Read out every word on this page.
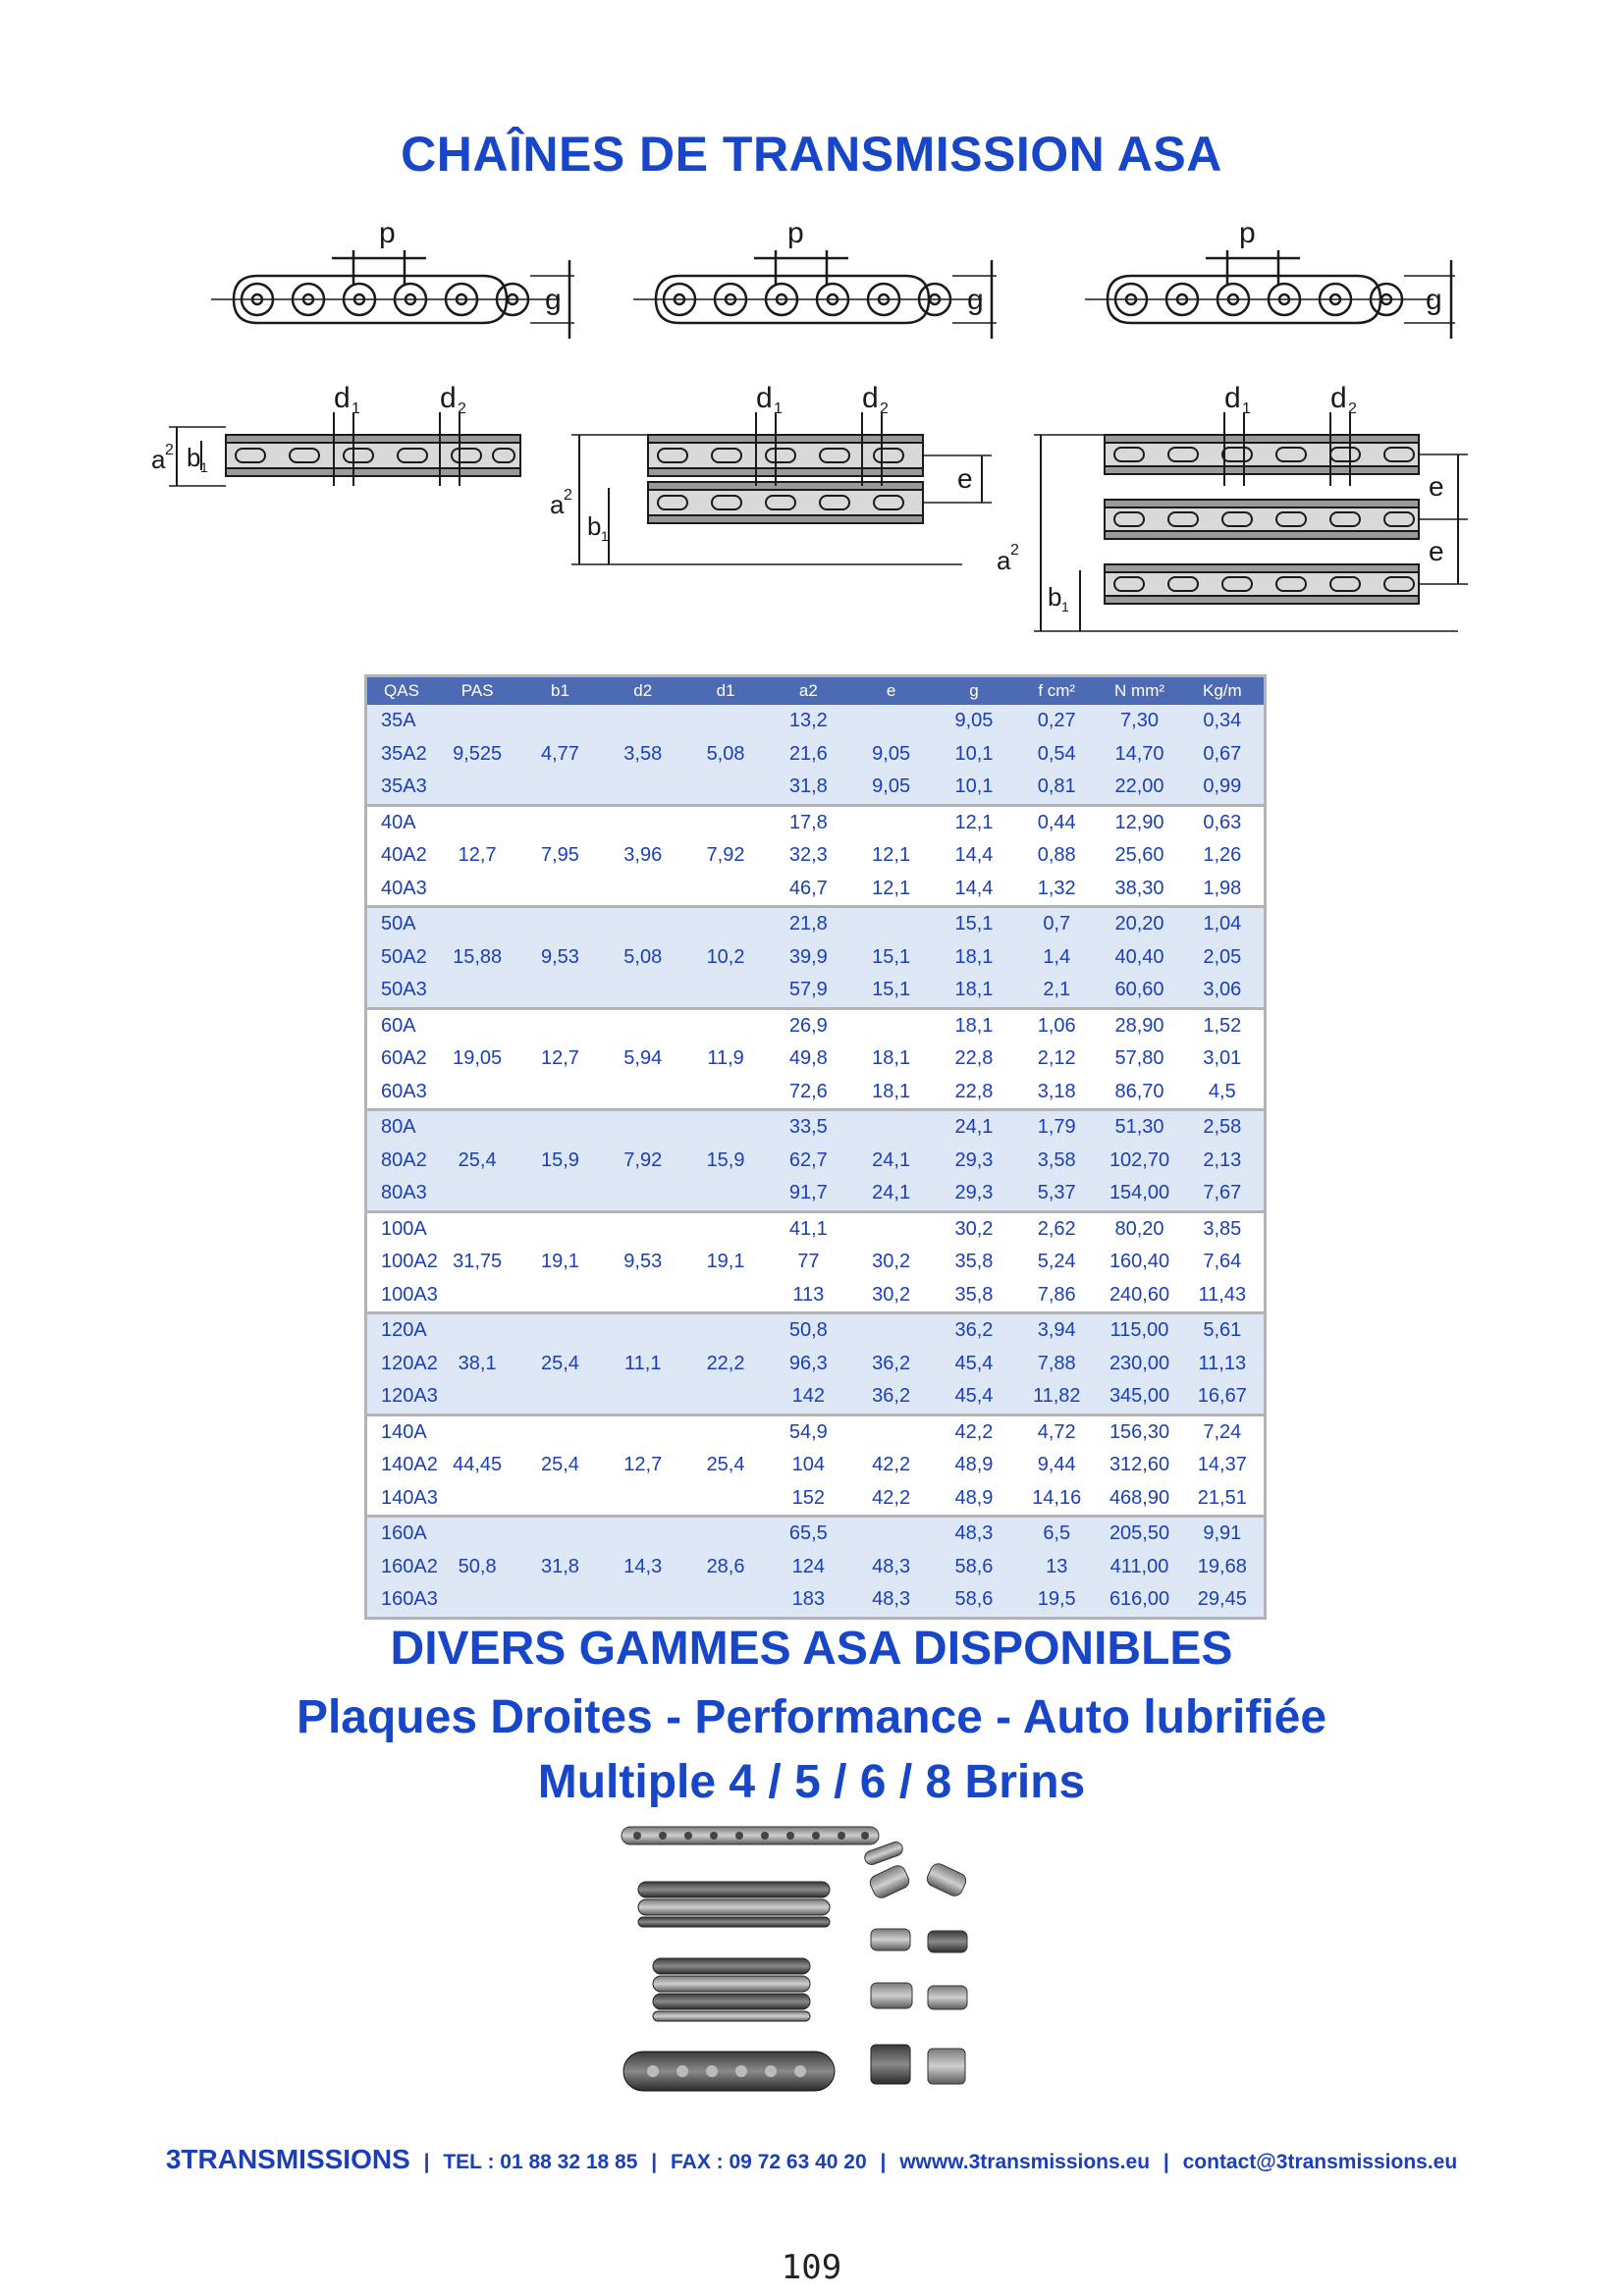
CHAÎNES DE TRANSMISSION ASA
p
g
p
g
p
g
d 1	d 2
a 2 b 1
d 1	d 2
a 2
b 1
e
d 1	d 2
a 2
b 1
e
e
QAS	PAS	b1	d2	d1	a2	e	g	f cm²	N mm²	Kg/m
35A					13,2		9,05	0,27	7,30	0,34
35A2	9,525	4,77	3,58	5,08	21,6	9,05	10,1	0,54	14,70	0,67
35A3					31,8	9,05	10,1	0,81	22,00	0,99
40A					17,8		12,1	0,44	12,90	0,63
40A2	12,7	7,95	3,96	7,92	32,3	12,1	14,4	0,88	25,60	1,26
40A3					46,7	12,1	14,4	1,32	38,30	1,98
50A					21,8		15,1	0,7	20,20	1,04
50A2	15,88	9,53	5,08	10,2	39,9	15,1	18,1	1,4	40,40	2,05
50A3					57,9	15,1	18,1	2,1	60,60	3,06
60A					26,9		18,1	1,06	28,90	1,52
60A2	19,05	12,7	5,94	11,9	49,8	18,1	22,8	2,12	57,80	3,01
60A3					72,6	18,1	22,8	3,18	86,70	4,5
80A					33,5		24,1	1,79	51,30	2,58
80A2	25,4	15,9	7,92	15,9	62,7	24,1	29,3	3,58	102,70	2,13
80A3					91,7	24,1	29,3	5,37	154,00	7,67
100A					41,1		30,2	2,62	80,20	3,85
100A2	31,75	19,1	9,53	19,1	77	30,2	35,8	5,24	160,40	7,64
100A3					113	30,2	35,8	7,86	240,60	11,43
120A					50,8		36,2	3,94	115,00	5,61
120A2	38,1	25,4	11,1	22,2	96,3	36,2	45,4	7,88	230,00	11,13
120A3					142	36,2	45,4	11,82	345,00	16,67
140A					54,9		42,2	4,72	156,30	7,24
140A2	44,45	25,4	12,7	25,4	104	42,2	48,9	9,44	312,60	14,37
140A3					152	42,2	48,9	14,16	468,90	21,51
160A					65,5		48,3	6,5	205,50	9,91
160A2	50,8	31,8	14,3	28,6	124	48,3	58,6	13	411,00	19,68
160A3					183	48,3	58,6	19,5	616,00	29,45
DIVERS GAMMES ASA DISPONIBLES
Plaques Droites - Performance - Auto lubrifiée
Multiple 4 / 5 / 6 / 8 Brins
3TRANSMISSIONS | TEL : 01 88 32 18 85 | FAX : 09 72 63 40 20 | wwww.3transmissions.eu | contact@3transmissions.eu
109
